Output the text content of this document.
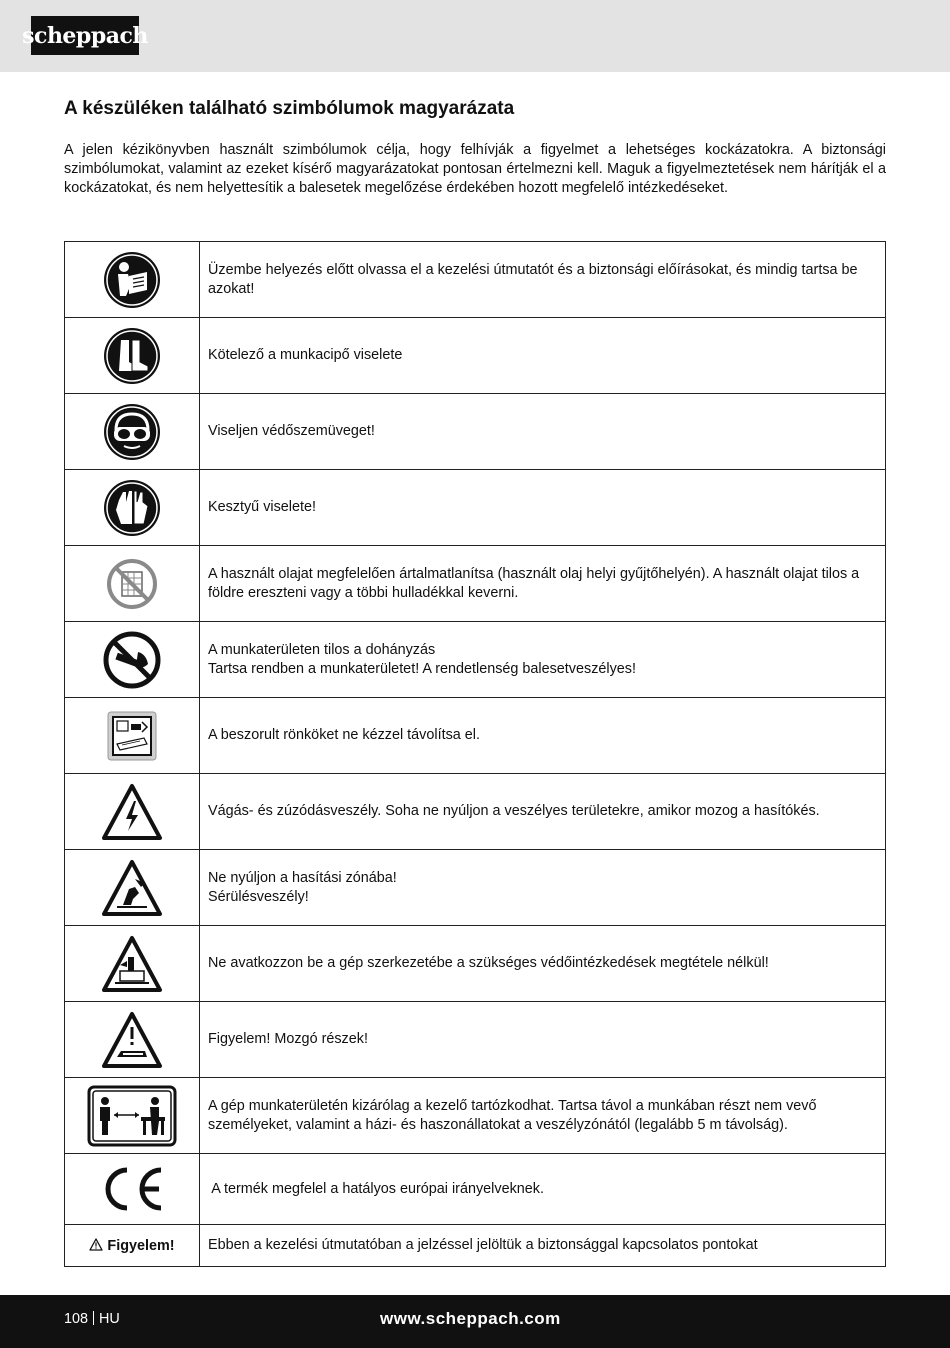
scheppach
A készüléken található szimbólumok magyarázata

A jelen kézikönyvben használt szimbólumok célja, hogy felhívják a figyelmet a lehetséges kockázatokra. A biztonsági szimbólumokat, valamint az ezeket kísérő magyarázatokat pontosan értelmezni kell. Maguk a figyelmeztetések nem hárítják el a kockázatokat, és nem helyettesítik a balesetek megelőzése érdekében hozott megfelelő intézkedéseket.

Üzembe helyezés előtt olvassa el a kezelési útmutatót és a biztonsági előírásokat, és mindig tartsa be azokat!

Kötelező a munkacipő viselete

Viseljen védőszemüveget!

Kesztyű viselete!

A használt olajat megfelelően ártalmatlanítsa (használt olaj helyi gyűjtőhelyén). A használt olajat tilos a földre ereszteni vagy a többi hulladékkal keverni.

A munkaterületen tilos a dohányzás
Tartsa rendben a munkaterületet! A rendetlenség balesetveszélyes!

A beszorult rönköket ne kézzel távolítsa el.

Vágás- és zúzódásveszély. Soha ne nyúljon a veszélyes területekre, amikor mozog a hasítókés.

Ne nyúljon a hasítási zónába!
Sérülésveszély!

Ne avatkozzon be a gép szerkezetébe a szükséges védőintézkedések megtétele nélkül!

Figyelem! Mozgó részek!

A gép munkaterületén kizárólag a kezelő tartózkodhat. Tartsa távol a munkában részt nem vevő személyeket, valamint a házi- és haszonállatokat a veszélyzónától (legalább 5 m távolság).

A termék megfelel a hatályos európai irányelveknek.

Figyelem!	Ebben a kezelési útmutatóban a jelzéssel jelöltük a biztonsággal kapcsolatos pontokat
108 HU	www.scheppach.com
